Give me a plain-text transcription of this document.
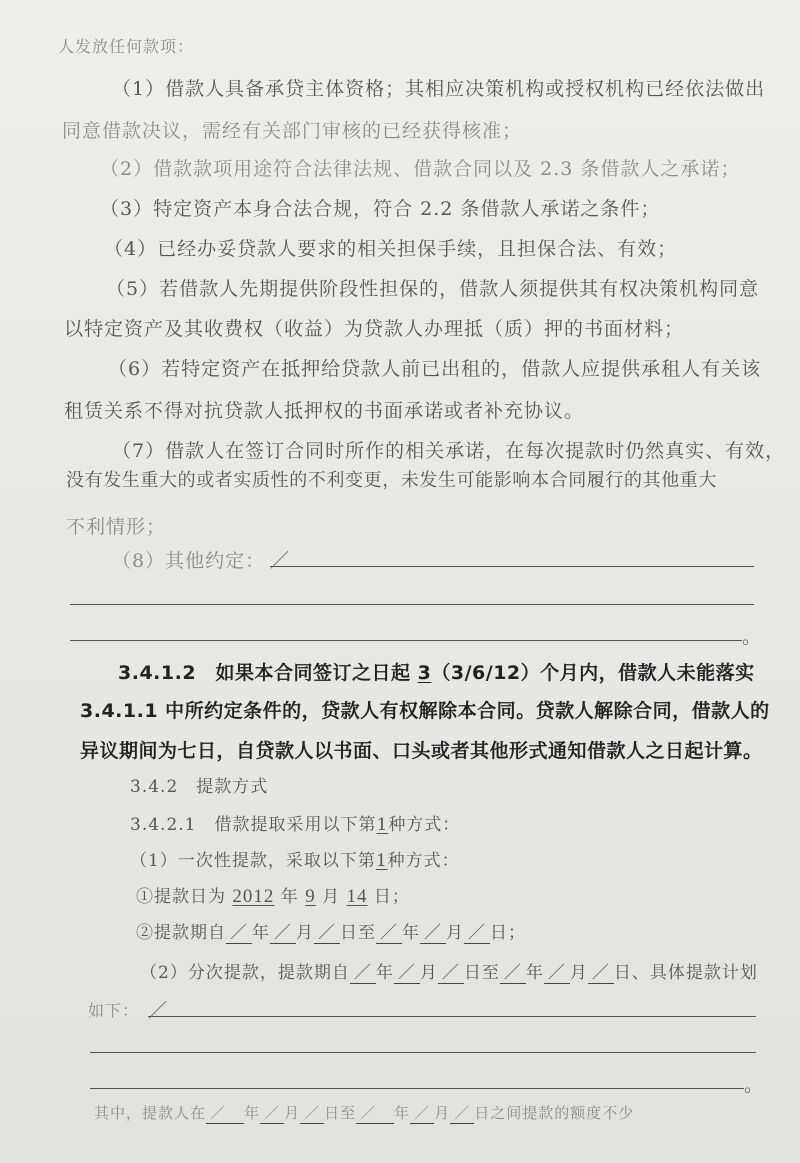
人发放任何款项：
（1）借款人具备承贷主体资格；其相应决策机构或授权机构已经依法做出
同意借款决议，需经有关部门审核的已经获得核准；
（2）借款款项用途符合法律法规、借款合同以及 2.3 条借款人之承诺；
（3）特定资产本身合法合规，符合 2.2 条借款人承诺之条件；
（4）已经办妥贷款人要求的相关担保手续，且担保合法、有效；
（5）若借款人先期提供阶段性担保的，借款人须提供其有权决策机构同意
以特定资产及其收费权（收益）为贷款人办理抵（质）押的书面材料；
（6）若特定资产在抵押给贷款人前已出租的，借款人应提供承租人有关该
租赁关系不得对抗贷款人抵押权的书面承诺或者补充协议。
（7）借款人在签订合同时所作的相关承诺，在每次提款时仍然真实、有效，
没有发生重大的或者实质性的不利变更，未发生可能影响本合同履行的其他重大
不利情形；
（8）其他约定： ／
。
3.4.1.2　如果本合同签订之日起 3（3/6/12）个月内，借款人未能落实
3.4.1.1 中所约定条件的，贷款人有权解除本合同。贷款人解除合同，借款人的
异议期间为七日，自贷款人以书面、口头或者其他形式通知借款人之日起计算。
3.4.2　提款方式
3.4.2.1　借款提取采用以下第1种方式：
（1）一次性提款，采取以下第1种方式：
①提款日为 2012 年 9 月 14 日；
②提款期自 ／ 年 ／ 月 ／ 日至 ／ 年 ／ 月 ／ 日；
（2）分次提款，提款期自 ／ 年 ／ 月 ／ 日至 ／ 年 ／ 月 ／ 日、具体提款计划
如下： ／
。
其中，提款人在 ／ 年 ／ 月 ／ 日至 ／ 年 ／ 月 ／ 日之间提款的额度不少
